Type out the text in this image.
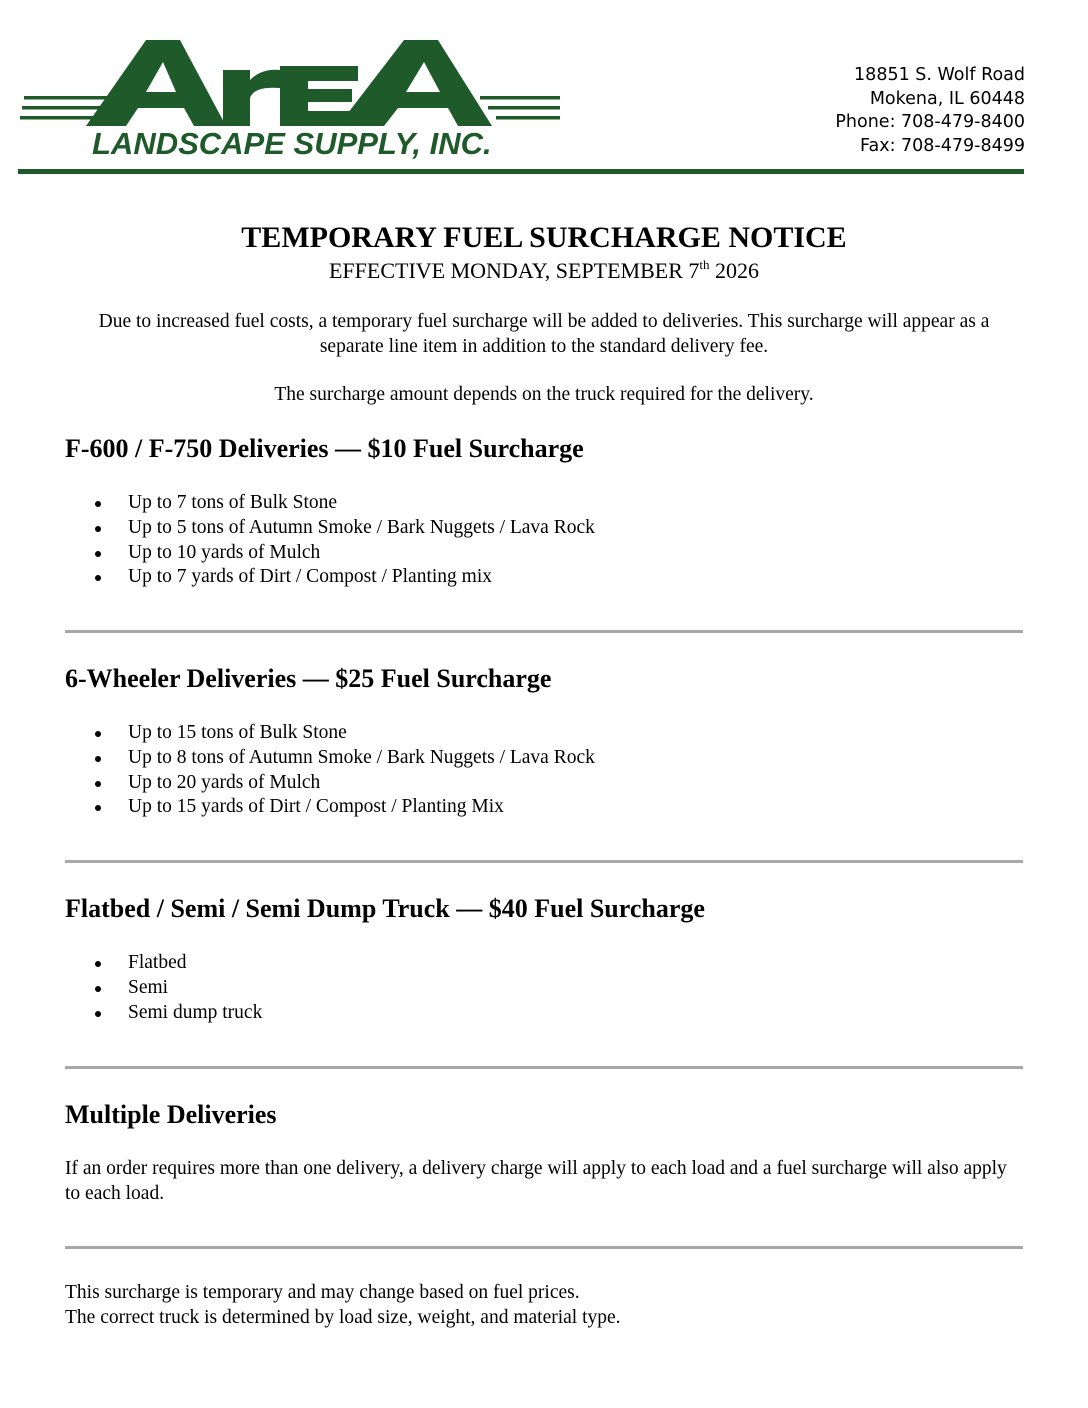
LANDSCAPE SUPPLY, INC.
18851 S. Wolf Road
Mokena, IL 60448
Phone: 708-479-8400
Fax: 708-479-8499
TEMPORARY FUEL SURCHARGE NOTICE
EFFECTIVE MONDAY, SEPTEMBER 7th 2026
Due to increased fuel costs, a temporary fuel surcharge will be added to deliveries. This surcharge will appear as a separate line item in addition to the standard delivery fee.
The surcharge amount depends on the truck required for the delivery.
F-600 / F-750 Deliveries — $10 Fuel Surcharge
Up to 7 tons of Bulk Stone
Up to 5 tons of Autumn Smoke / Bark Nuggets / Lava Rock
Up to 10 yards of Mulch
Up to 7 yards of Dirt / Compost / Planting mix
6-Wheeler Deliveries — $25 Fuel Surcharge
Up to 15 tons of Bulk Stone
Up to 8 tons of Autumn Smoke / Bark Nuggets / Lava Rock
Up to 20 yards of Mulch
Up to 15 yards of Dirt / Compost / Planting Mix
Flatbed / Semi / Semi Dump Truck — $40 Fuel Surcharge
Flatbed
Semi
Semi dump truck
Multiple Deliveries
If an order requires more than one delivery, a delivery charge will apply to each load and a fuel surcharge will also apply to each load.
This surcharge is temporary and may change based on fuel prices.
The correct truck is determined by load size, weight, and material type.
